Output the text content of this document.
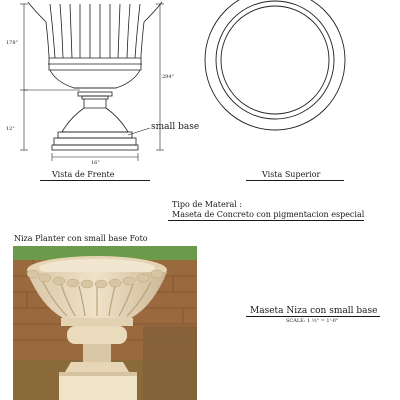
178"
12"
294"
16"
small base
Vista de Frente	Vista Superior
Tipo de Materal :
Maseta de Concreto con pigmentacion especial
Niza Planter con small base Foto
Maseta Niza con small base
SCALE: 1 ½" = 1'-0"
